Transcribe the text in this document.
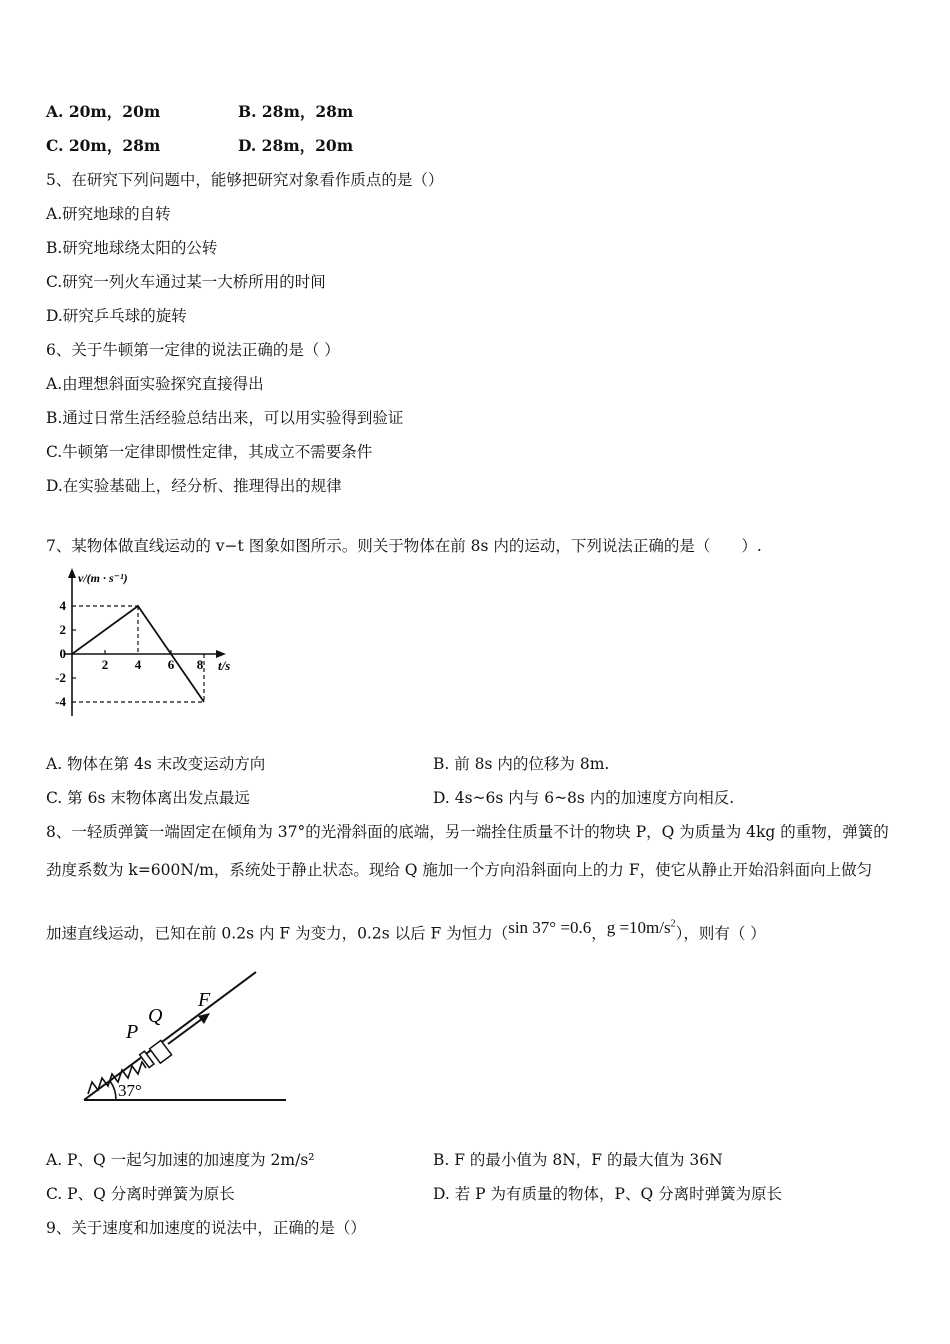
A. 20m，20m	B. 28m，28m
C. 20m，28m	D. 28m，20m
5、在研究下列问题中，能够把研究对象看作质点的是（）
A.研究地球的自转
B.研究地球绕太阳的公转
C.研究一列火车通过某一大桥所用的时间
D.研究乒乓球的旋转
6、关于牛顿第一定律的说法正确的是（ ）
A.由理想斜面实验探究直接得出
B.通过日常生活经验总结出来，可以用实验得到验证
C.牛顿第一定律即惯性定律，其成立不需要条件
D.在实验基础上，经分析、推理得出的规律
7、某物体做直线运动的 v−t 图象如图所示。则关于物体在前 8s 内的运动，下列说法正确的是（　　）.
v/(m · s⁻¹)
4
2
0
-2
-4
2 4 6 8 t/s
A. 物体在第 4s 末改变运动方向	B. 前 8s 内的位移为 8m.
C. 第 6s 末物体离出发点最远	D. 4s~6s 内与 6~8s 内的加速度方向相反.
8、一轻质弹簧一端固定在倾角为 37°的光滑斜面的底端，另一端拴住质量不计的物块 P，Q 为质量为 4kg 的重物，弹簧的
劲度系数为 k=600N/m，系统处于静止状态。现给 Q 施加一个方向沿斜面向上的力 F，使它从静止开始沿斜面向上做匀
加速直线运动，已知在前 0.2s 内 F 为变力，0.2s 以后 F 为恒力（sin 37° =0.6，$g =10m/s^2$），则有（ ）
37°
P
Q
F
A. P、Q 一起匀加速的加速度为 2m/s²	B. F 的最小值为 8N，F 的最大值为 36N
C. P、Q 分离时弹簧为原长	D. 若 P 为有质量的物体，P、Q 分离时弹簧为原长
9、关于速度和加速度的说法中，正确的是（）
